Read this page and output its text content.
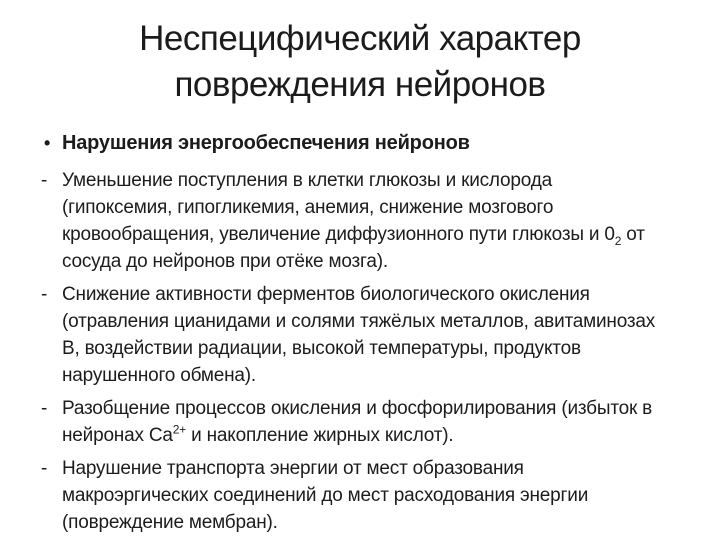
Неспецифический характер
повреждения нейронов
• Нарушения энергообеспечения нейронов
- Уменьшение поступления в клетки глюкозы и кислорода
(гипоксемия, гипогликемия, анемия, снижение мозгового
кровообращения, увеличение диффузионного пути глюкозы и $0_2$ от
сосуда до нейронов при отёке мозга).
- Снижение активности ферментов биологического окисления
(отравления цианидами и солями тяжёлых металлов, авитаминозах
В, воздействии радиации, высокой температуры, продуктов
нарушенного обмена).
- Разобщение процессов окисления и фосфорилирования (избыток в
нейронах $Ca^{2+}$ и накопление жирных кислот).
- Нарушение транспорта энергии от мест образования
макроэргических соединений до мест расходования энергии
(повреждение мембран).
